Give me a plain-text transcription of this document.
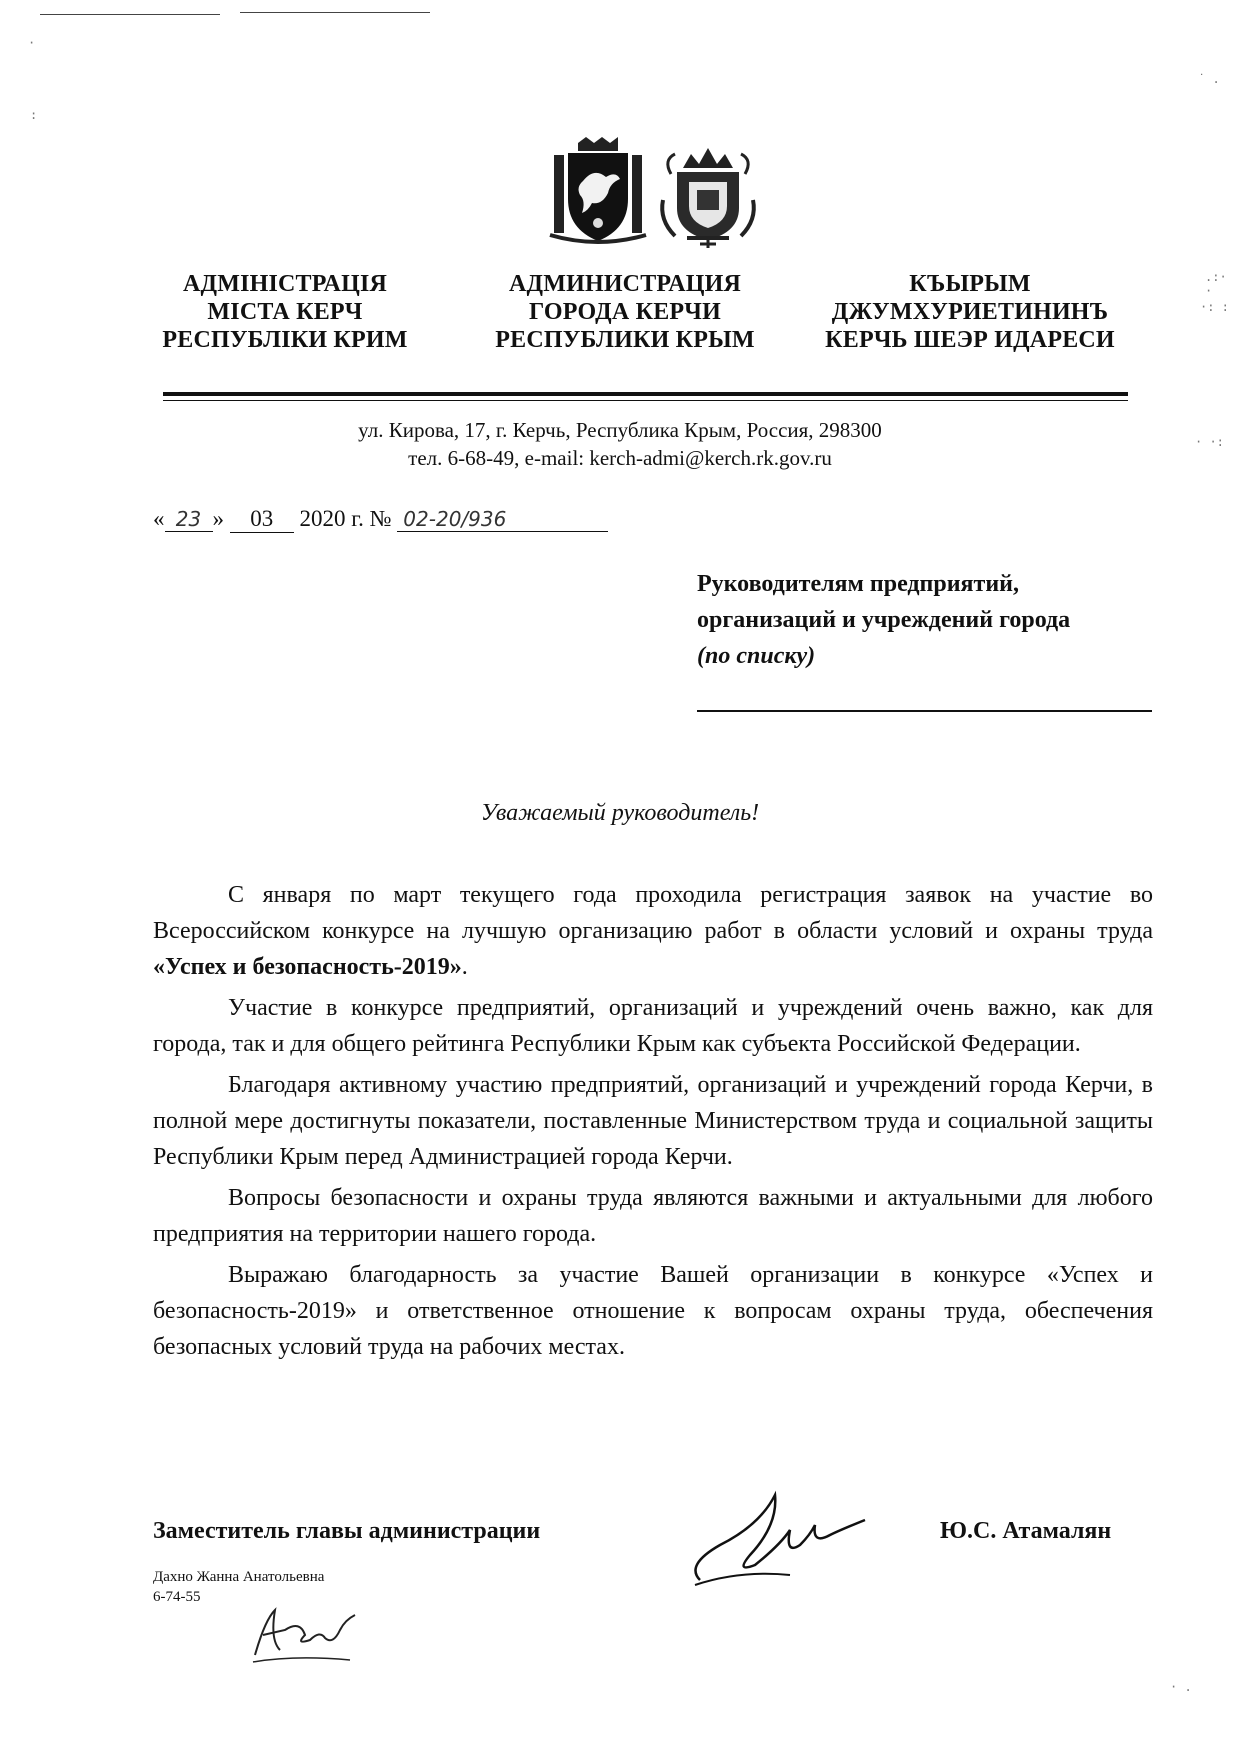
·
:
˙ .
.:· ·
·: :
· ·:
· .
АДМІНІСТРАЦІЯ
МІСТА КЕРЧ
РЕСПУБЛІКИ КРИМ
АДМИНИСТРАЦИЯ
ГОРОДА КЕРЧИ
РЕСПУБЛИКИ КРЫМ
КЪЫРЫМ
ДЖУМХУРИЕТИНИНЪ
КЕРЧЬ ШЕЭР ИДАРЕСИ
ул. Кирова, 17, г. Керчь, Республика Крым, Россия, 298300
тел. 6-68-49, e-mail: kerch-admi@kerch.rk.gov.ru
« 23 » 03 2020 г. № 02-20/936
Руководителям предприятий,
организаций и учреждений города
(по списку)
Уважаемый руководитель!

С января по март текущего года проходила регистрация заявок на участие во Всероссийском конкурсе на лучшую организацию работ в области условий и охраны труда «Успех и безопасность-2019».

Участие в конкурсе предприятий, организаций и учреждений очень важно, как для города, так и для общего рейтинга Республики Крым как субъекта Российской Федерации.

Благодаря активному участию предприятий, организаций и учреждений города Керчи, в полной мере достигнуты показатели, поставленные Министерством труда и социальной защиты Республики Крым перед Администрацией города Керчи.

Вопросы безопасности и охраны труда являются важными и актуальными для любого предприятия на территории нашего города.

Выражаю благодарность за участие Вашей организации в конкурсе «Успех и безопасность-2019» и ответственное отношение к вопросам охраны труда, обеспечения безопасных условий труда на рабочих местах.

Заместитель главы администрации	Ю.С. Атамалян
Дахно Жанна Анатольевна
6-74-55
